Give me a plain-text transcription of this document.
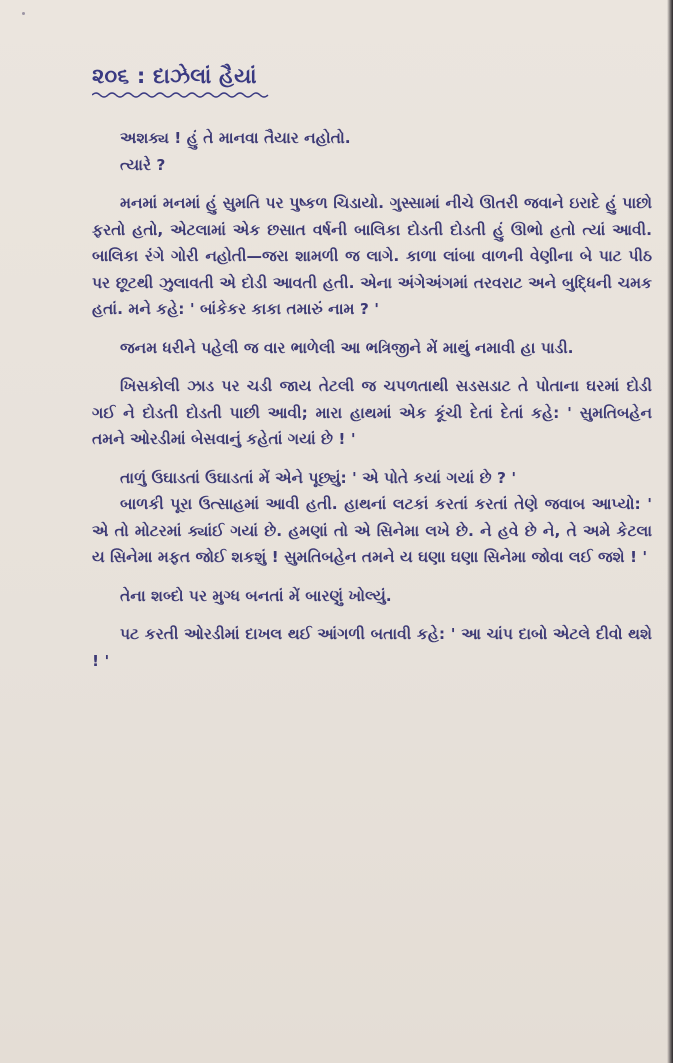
૨૦૬ : દાઝેલાં હૈયાં

અશક્ય ! હું તે માનવા તૈયાર નહોતો.

ત્યારે ?

મનમાં મનમાં હું સુમતિ પર પુષ્કળ ચિડાયો. ગુસ્સામાં નીચે ઊતરી જવાને ઇરાદે હું પાછો ફરતો હતો, એટલામાં એક છસાત વર્ષની બાલિકા દોડતી દોડતી હું ઊભો હતો ત્યાં આવી. બાલિકા રંગે ગોરી નહોતી—જરા શામળી જ લાગે. કાળા લાંબા વાળની વેણીના બે પાટ પીઠ પર છૂટથી ઝુલાવતી એ દોડી આવતી હતી. એના અંગેઅંગમાં તરવરાટ અને બુદ્ધિની ચમક હતાં. મને કહે: ' બાંકેકર કાકા તમારું નામ ? '

જનમ ધરીને પહેલી જ વાર ભાળેલી આ ભત્રિજીને મેં માથું નમાવી હા પાડી.

ખિસકોલી ઝાડ પર ચડી જાય તેટલી જ ચપળતાથી સડસડાટ તે પોતાના ઘરમાં દોડી ગઈ ને દોડતી દોડતી પાછી આવી; મારા હાથમાં એક કૂંચી દેતાં દેતાં કહે: ' સુમતિબહેન તમને ઓરડીમાં બેસવાનું કહેતાં ગયાં છે ! '

તાળું ઉઘાડતાં ઉઘાડતાં મેં એને પૂછ્યું: ' એ પોતે કયાં ગયાં છે ? '

બાળકી પૂરા ઉત્સાહમાં આવી હતી. હાથનાં લટકાં કરતાં કરતાં તેણે જવાબ આપ્યો: ' એ તો મોટરમાં ક્યાંઈ ગયાં છે. હમણાં તો એ સિનેમા લખે છે. ને હવે છે ને, તે અમે કેટલા ય સિનેમા મફત જોઈ શકશું ! સુમતિબહેન તમને ય ઘણા ઘણા સિનેમા જોવા લઈ જશે ! '

તેના શબ્દો પર મુગ્ધ બનતાં મેં બારણું ખોલ્યું.

પટ કરતી ઓરડીમાં દાખલ થઈ આંગળી બતાવી કહે: ' આ ચાંપ દાબો એટલે દીવો થશે ! '
